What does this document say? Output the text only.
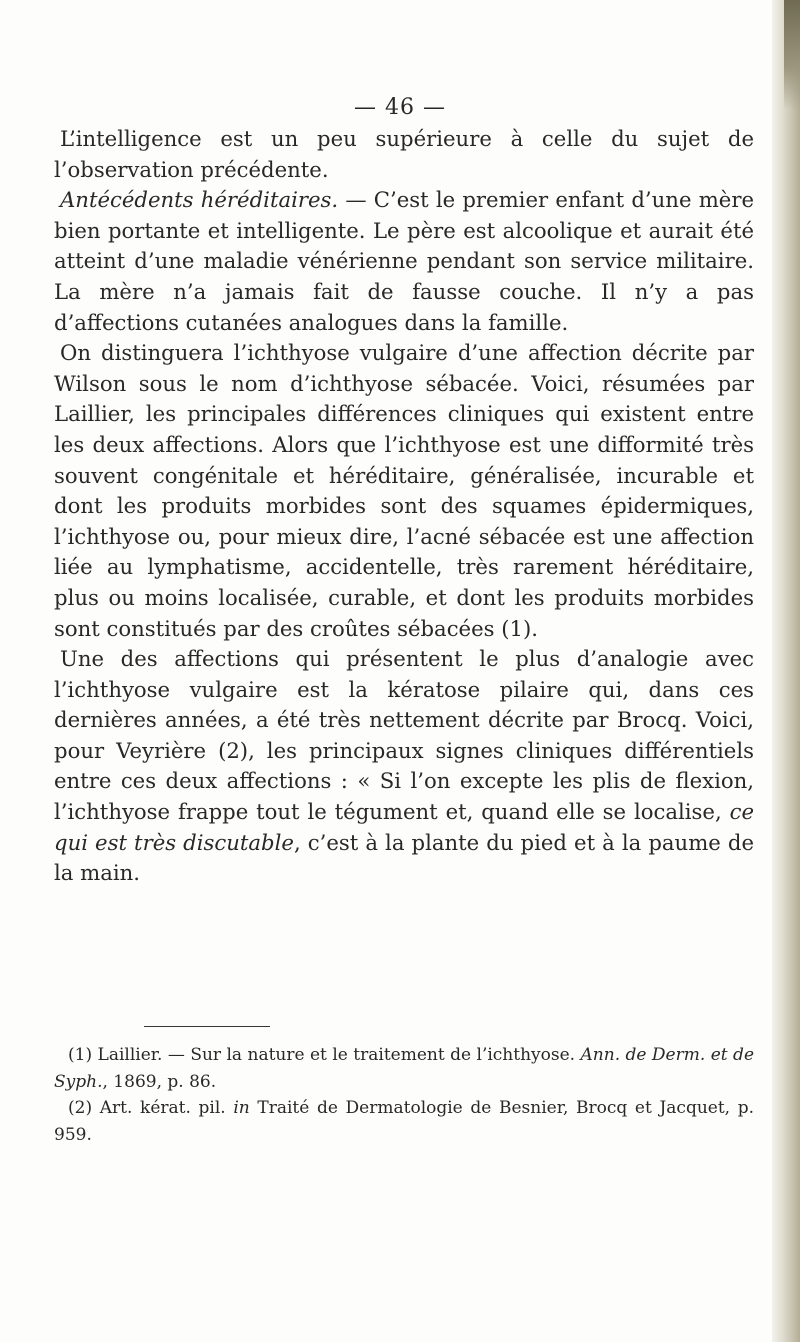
— 46 —

L’intelligence est un peu supérieure à celle du sujet de l’observation précédente.

Antécédents héréditaires. — C’est le premier enfant d’une mère bien portante et intelligente. Le père est alcoolique et aurait été atteint d’une maladie vénérienne pendant son service militaire. La mère n’a jamais fait de fausse couche. Il n’y a pas d’affections cutanées analogues dans la famille.

On distinguera l’ichthyose vulgaire d’une affection décrite par Wilson sous le nom d’ichthyose sébacée. Voici, résumées par Laillier, les principales différences cliniques qui existent entre les deux affections. Alors que l’ichthyose est une difformité très souvent congénitale et héréditaire, généralisée, incurable et dont les produits morbides sont des squames épidermiques, l’ichthyose ou, pour mieux dire, l’acné sébacée est une affection liée au lymphatisme, accidentelle, très rarement héréditaire, plus ou moins localisée, curable, et dont les produits morbides sont constitués par des croûtes sébacées (1).

Une des affections qui présentent le plus d’analogie avec l’ichthyose vulgaire est la kératose pilaire qui, dans ces dernières années, a été très nettement décrite par Brocq. Voici, pour Veyrière (2), les principaux signes cliniques différentiels entre ces deux affections : « Si l’on excepte les plis de flexion, l’ichthyose frappe tout le tégument et, quand elle se localise, ce qui est très discutable, c’est à la plante du pied et à la paume de la main.

(1) Laillier. — Sur la nature et le traitement de l’ichthyose. Ann. de Derm. et de Syph., 1869, p. 86.

(2) Art. kérat. pil. in Traité de Dermatologie de Besnier, Brocq et Jacquet, p. 959.
